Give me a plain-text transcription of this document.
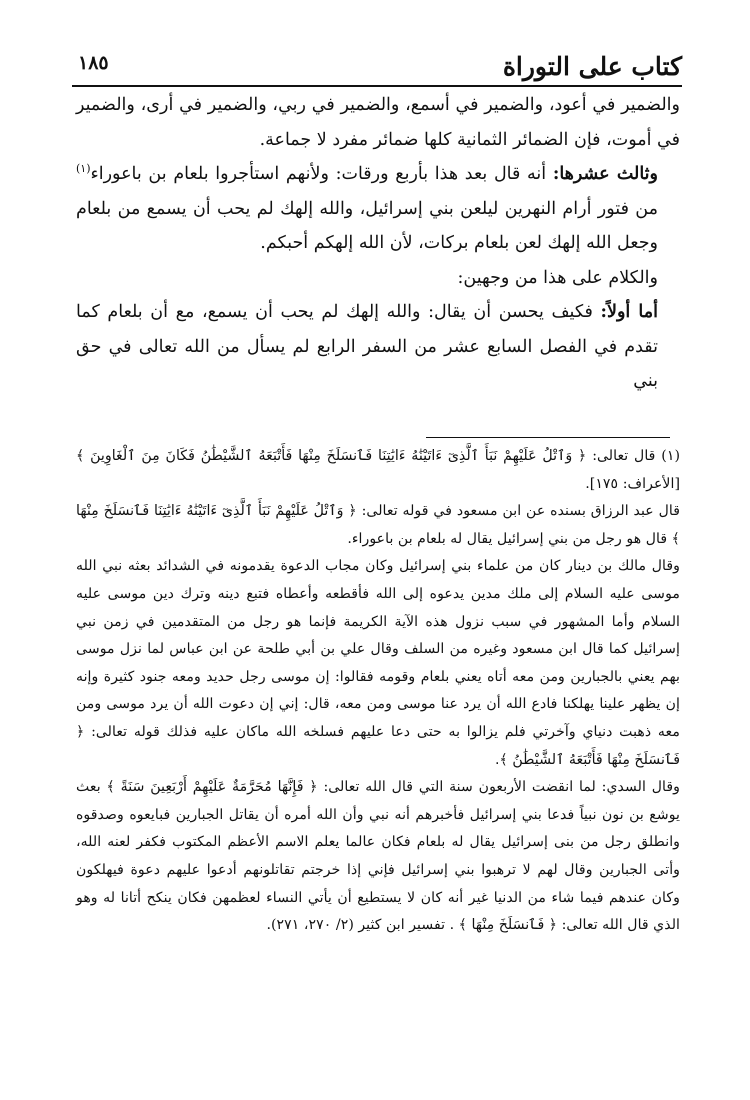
كتاب على التوراة
١٨٥

والضمير في أعود، والضمير في أسمع، والضمير في ربي، والضمير في أرى، والضمير في أموت، فإن الضمائر الثمانية كلها ضمائر مفرد لا جماعة.

وثالث عشرها: أنه قال بعد هذا بأربع ورقات: ولأنهم استأجروا بلعام بن باعوراء$^{(١)}$ من فتور أرام النهرين ليلعن بني إسرائيل، والله إلهك لم يحب أن يسمع من بلعام وجعل الله إلهك لعن بلعام بركات، لأن الله إلهكم أحبكم.

والكلام على هذا من وجهين:

أما أولاً: فكيف يحسن أن يقال: والله إلهك لم يحب أن يسمع، مع أن بلعام كما تقدم في الفصل السابع عشر من السفر الرابع لم يسأل من الله تعالى في حق بني

(١) قال تعالى: ﴿ وَٱتْلُ عَلَيْهِمْ نَبَأَ ٱلَّذِىٓ ءَاتَيْنَٰهُ ءَايَٰتِنَا فَٱنسَلَخَ مِنْهَا فَأَتْبَعَهُ ٱلشَّيْطَٰنُ فَكَانَ مِنَ ٱلْغَاوِينَ ﴾ [الأعراف: ١٧٥].

قال عبد الرزاق بسنده عن ابن مسعود في قوله تعالى: ﴿ وَٱتْلُ عَلَيْهِمْ نَبَأَ ٱلَّذِىٓ ءَاتَيْنَٰهُ ءَايَٰتِنَا فَٱنسَلَخَ مِنْهَا ﴾ قال هو رجل من بني إسرائيل يقال له بلعام بن باعوراء.

وقال مالك بن دينار كان من علماء بني إسرائيل وكان مجاب الدعوة يقدمونه في الشدائد بعثه نبي الله موسى عليه السلام إلى ملك مدين يدعوه إلى الله فأقطعه وأعطاه فتبع دينه وترك دين موسى عليه السلام وأما المشهور في سبب نزول هذه الآية الكريمة فإنما هو رجل من المتقدمين في زمن نبي إسرائيل كما قال ابن مسعود وغيره من السلف وقال علي بن أبي طلحة عن ابن عباس لما نزل موسى بهم يعني بالجبارين ومن معه أتاه يعني بلعام وقومه فقالوا: إن موسى رجل حديد ومعه جنود كثيرة وإنه إن يظهر علينا يهلكنا فادع الله أن يرد عنا موسى ومن معه، قال: إني إن دعوت الله أن يرد موسى ومن معه ذهبت دنياي وآخرتي فلم يزالوا به حتى دعا عليهم فسلخه الله ماكان عليه فذلك قوله تعالى: ﴿ فَٱنسَلَخَ مِنْهَا فَأَتْبَعَهُ ٱلشَّيْطَٰنُ ﴾.

وقال السدي: لما انقضت الأربعون سنة التي قال الله تعالى: ﴿ فَإِنَّهَا مُحَرَّمَةٌ عَلَيْهِمْ أَرْبَعِينَ سَنَةً ﴾ بعث يوشع بن نون نبياً فدعا بني إسرائيل فأخبرهم أنه نبي وأن الله أمره أن يقاتل الجبارين فبايعوه وصدقوه وانطلق رجل من بنى إسرائيل يقال له بلعام فكان عالما يعلم الاسم الأعظم المكتوب فكفر لعنه الله، وأتى الجبارين وقال لهم لا ترهبوا بني إسرائيل فإني إذا خرجتم تقاتلونهم أدعوا عليهم دعوة فيهلكون وكان عندهم فيما شاء من الدنيا غير أنه كان لا يستطيع أن يأتي النساء لعظمهن فكان ينكح أتانا له وهو الذي قال الله تعالى: ﴿ فَٱنسَلَخَ مِنْهَا ﴾ . تفسير ابن كثير (٢/ ٢٧٠، ٢٧١).
